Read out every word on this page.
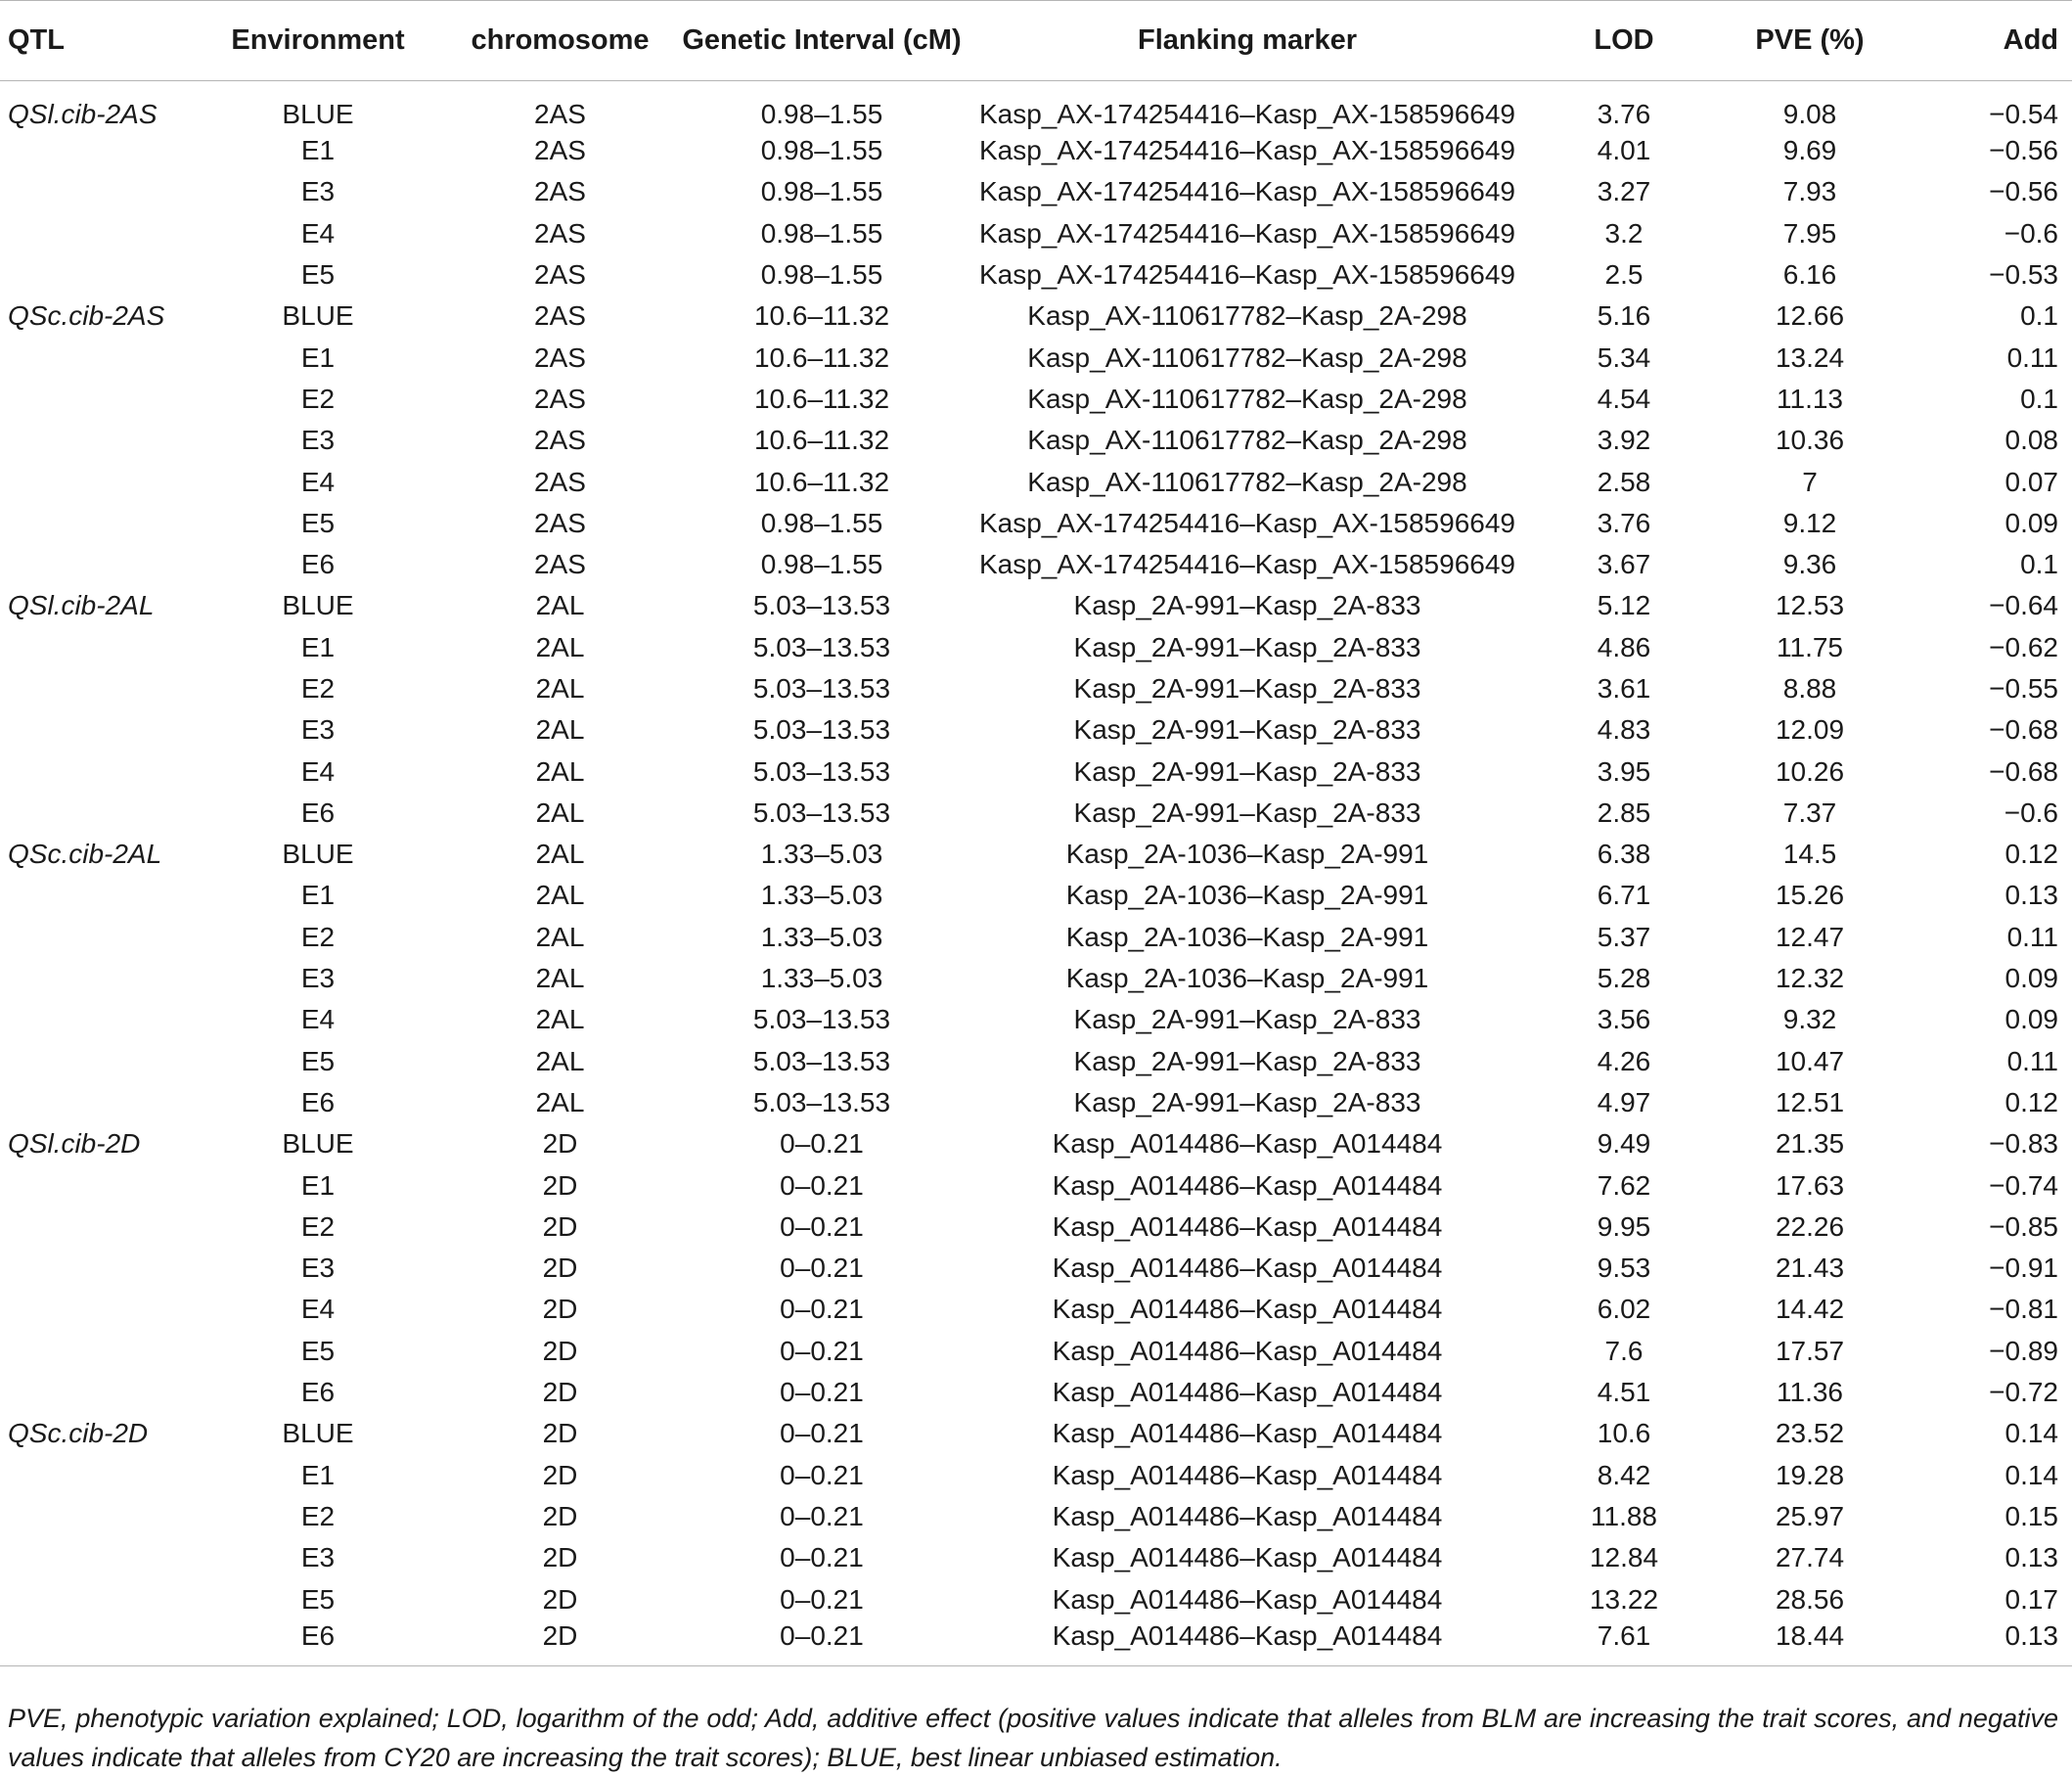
QTL	Environment	chromosome	Genetic Interval (cM)	Flanking marker	LOD	PVE (%)	Add
QSl.cib-2AS	BLUE	2AS	0.98–1.55	Kasp_AX-174254416–Kasp_AX-158596649	3.76	9.08	−0.54
	E1	2AS	0.98–1.55	Kasp_AX-174254416–Kasp_AX-158596649	4.01	9.69	−0.56
	E3	2AS	0.98–1.55	Kasp_AX-174254416–Kasp_AX-158596649	3.27	7.93	−0.56
	E4	2AS	0.98–1.55	Kasp_AX-174254416–Kasp_AX-158596649	3.2	7.95	−0.6
	E5	2AS	0.98–1.55	Kasp_AX-174254416–Kasp_AX-158596649	2.5	6.16	−0.53
QSc.cib-2AS	BLUE	2AS	10.6–11.32	Kasp_AX-110617782–Kasp_2A-298	5.16	12.66	0.1
	E1	2AS	10.6–11.32	Kasp_AX-110617782–Kasp_2A-298	5.34	13.24	0.11
	E2	2AS	10.6–11.32	Kasp_AX-110617782–Kasp_2A-298	4.54	11.13	0.1
	E3	2AS	10.6–11.32	Kasp_AX-110617782–Kasp_2A-298	3.92	10.36	0.08
	E4	2AS	10.6–11.32	Kasp_AX-110617782–Kasp_2A-298	2.58	7	0.07
	E5	2AS	0.98–1.55	Kasp_AX-174254416–Kasp_AX-158596649	3.76	9.12	0.09
	E6	2AS	0.98–1.55	Kasp_AX-174254416–Kasp_AX-158596649	3.67	9.36	0.1
QSl.cib-2AL	BLUE	2AL	5.03–13.53	Kasp_2A-991–Kasp_2A-833	5.12	12.53	−0.64
	E1	2AL	5.03–13.53	Kasp_2A-991–Kasp_2A-833	4.86	11.75	−0.62
	E2	2AL	5.03–13.53	Kasp_2A-991–Kasp_2A-833	3.61	8.88	−0.55
	E3	2AL	5.03–13.53	Kasp_2A-991–Kasp_2A-833	4.83	12.09	−0.68
	E4	2AL	5.03–13.53	Kasp_2A-991–Kasp_2A-833	3.95	10.26	−0.68
	E6	2AL	5.03–13.53	Kasp_2A-991–Kasp_2A-833	2.85	7.37	−0.6
QSc.cib-2AL	BLUE	2AL	1.33–5.03	Kasp_2A-1036–Kasp_2A-991	6.38	14.5	0.12
	E1	2AL	1.33–5.03	Kasp_2A-1036–Kasp_2A-991	6.71	15.26	0.13
	E2	2AL	1.33–5.03	Kasp_2A-1036–Kasp_2A-991	5.37	12.47	0.11
	E3	2AL	1.33–5.03	Kasp_2A-1036–Kasp_2A-991	5.28	12.32	0.09
	E4	2AL	5.03–13.53	Kasp_2A-991–Kasp_2A-833	3.56	9.32	0.09
	E5	2AL	5.03–13.53	Kasp_2A-991–Kasp_2A-833	4.26	10.47	0.11
	E6	2AL	5.03–13.53	Kasp_2A-991–Kasp_2A-833	4.97	12.51	0.12
QSl.cib-2D	BLUE	2D	0–0.21	Kasp_A014486–Kasp_A014484	9.49	21.35	−0.83
	E1	2D	0–0.21	Kasp_A014486–Kasp_A014484	7.62	17.63	−0.74
	E2	2D	0–0.21	Kasp_A014486–Kasp_A014484	9.95	22.26	−0.85
	E3	2D	0–0.21	Kasp_A014486–Kasp_A014484	9.53	21.43	−0.91
	E4	2D	0–0.21	Kasp_A014486–Kasp_A014484	6.02	14.42	−0.81
	E5	2D	0–0.21	Kasp_A014486–Kasp_A014484	7.6	17.57	−0.89
	E6	2D	0–0.21	Kasp_A014486–Kasp_A014484	4.51	11.36	−0.72
QSc.cib-2D	BLUE	2D	0–0.21	Kasp_A014486–Kasp_A014484	10.6	23.52	0.14
	E1	2D	0–0.21	Kasp_A014486–Kasp_A014484	8.42	19.28	0.14
	E2	2D	0–0.21	Kasp_A014486–Kasp_A014484	11.88	25.97	0.15
	E3	2D	0–0.21	Kasp_A014486–Kasp_A014484	12.84	27.74	0.13
	E5	2D	0–0.21	Kasp_A014486–Kasp_A014484	13.22	28.56	0.17
	E6	2D	0–0.21	Kasp_A014486–Kasp_A014484	7.61	18.44	0.13
PVE, phenotypic variation explained; LOD, logarithm of the odd; Add, additive effect (positive values indicate that alleles from BLM are increasing the trait scores, and negative values indicate that alleles from CY20 are increasing the trait scores); BLUE, best linear unbiased estimation.
